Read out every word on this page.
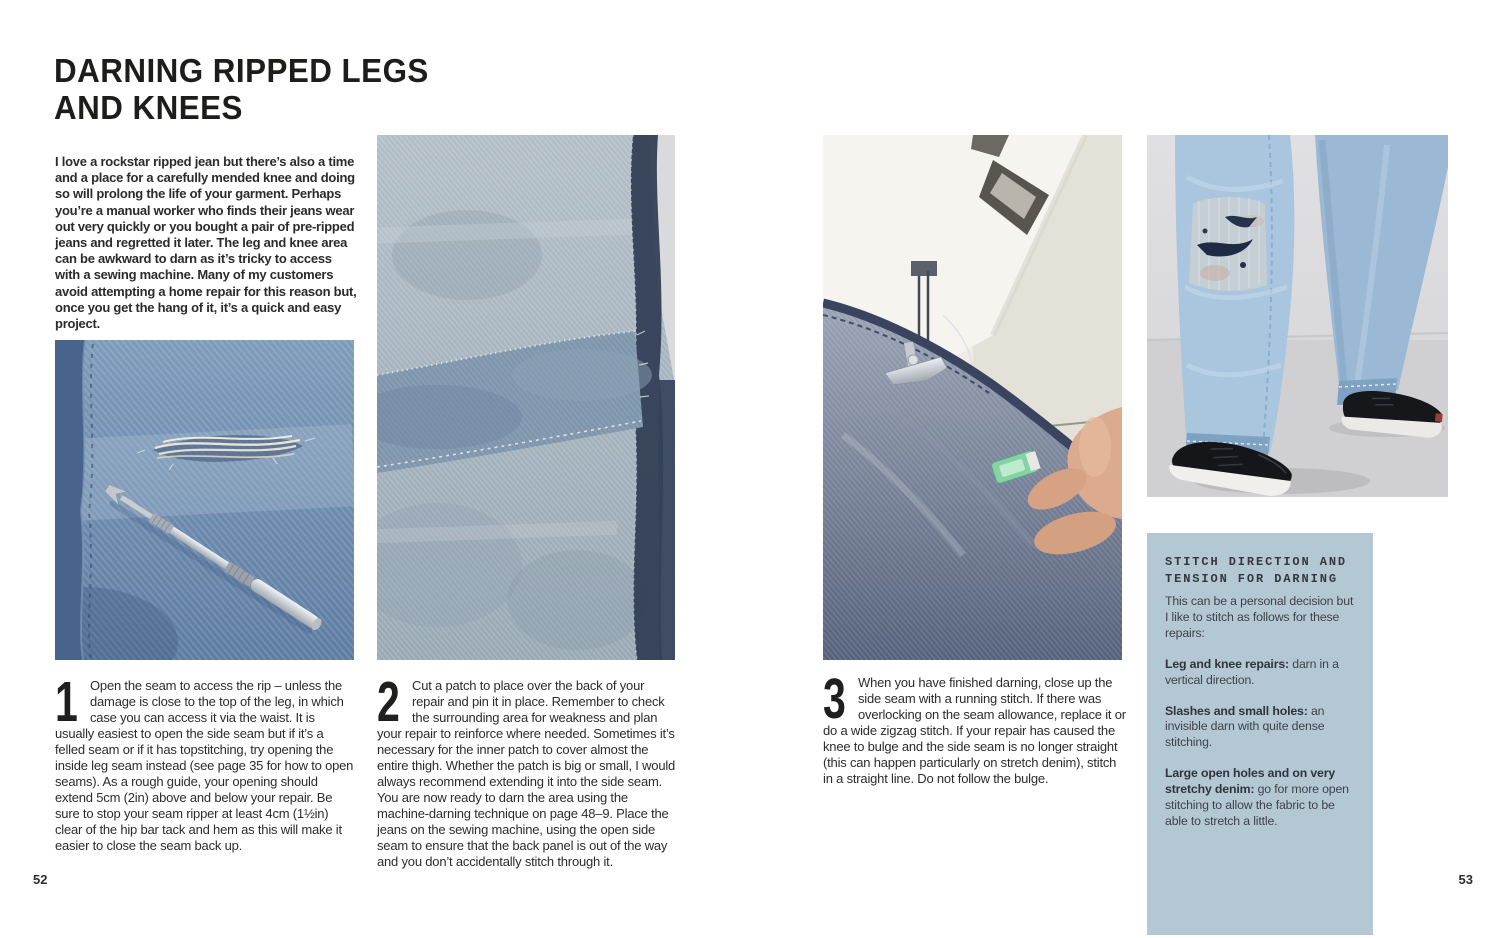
DARNING RIPPED LEGS
AND KNEES

I love a rockstar ripped jean but there’s also a time and a place for a carefully mended knee and doing so will prolong the life of your garment. Perhaps you’re a manual worker who finds their jeans wear out very quickly or you bought a pair of pre-ripped jeans and regretted it later. The leg and knee area can be awkward to darn as it’s tricky to access with a sewing machine. Many of my customers avoid attempting a home repair for this reason but, once you get the hang of it, it’s a quick and easy project.

1 Open the seam to access the rip – unless the damage is close to the top of the leg, in which case you can access it via the waist. It is usually easiest to open the side seam but if it’s a felled seam or if it has topstitching, try opening the inside leg seam instead (see page 35 for how to open seams). As a rough guide, your opening should extend 5cm (2in) above and below your repair. Be sure to stop your seam ripper at least 4cm (1½in) clear of the hip bar tack and hem as this will make it easier to close the seam back up.

2 Cut a patch to place over the back of your repair and pin it in place. Remember to check the surrounding area for weakness and plan your repair to reinforce where needed. Sometimes it’s necessary for the inner patch to cover almost the entire thigh. Whether the patch is big or small, I would always recommend extending it into the side seam. You are now ready to darn the area using the machine-darning technique on page 48–9. Place the jeans on the sewing machine, using the open side seam to ensure that the back panel is out of the way and you don’t accidentally stitch through it.

52

3 When you have finished darning, close up the side seam with a running stitch. If there was overlocking on the seam allowance, replace it or do a wide zigzag stitch. If your repair has caused the knee to bulge and the side seam is no longer straight (this can happen particularly on stretch denim), stitch in a straight line. Do not follow the bulge.

STITCH DIRECTION AND
TENSION FOR DARNING

This can be a personal decision but I like to stitch as follows for these repairs:

Leg and knee repairs: darn in a vertical direction.

Slashes and small holes: an invisible darn with quite dense stitching.

Large open holes and on very stretchy denim: go for more open stitching to allow the fabric to be able to stretch a little.

53
